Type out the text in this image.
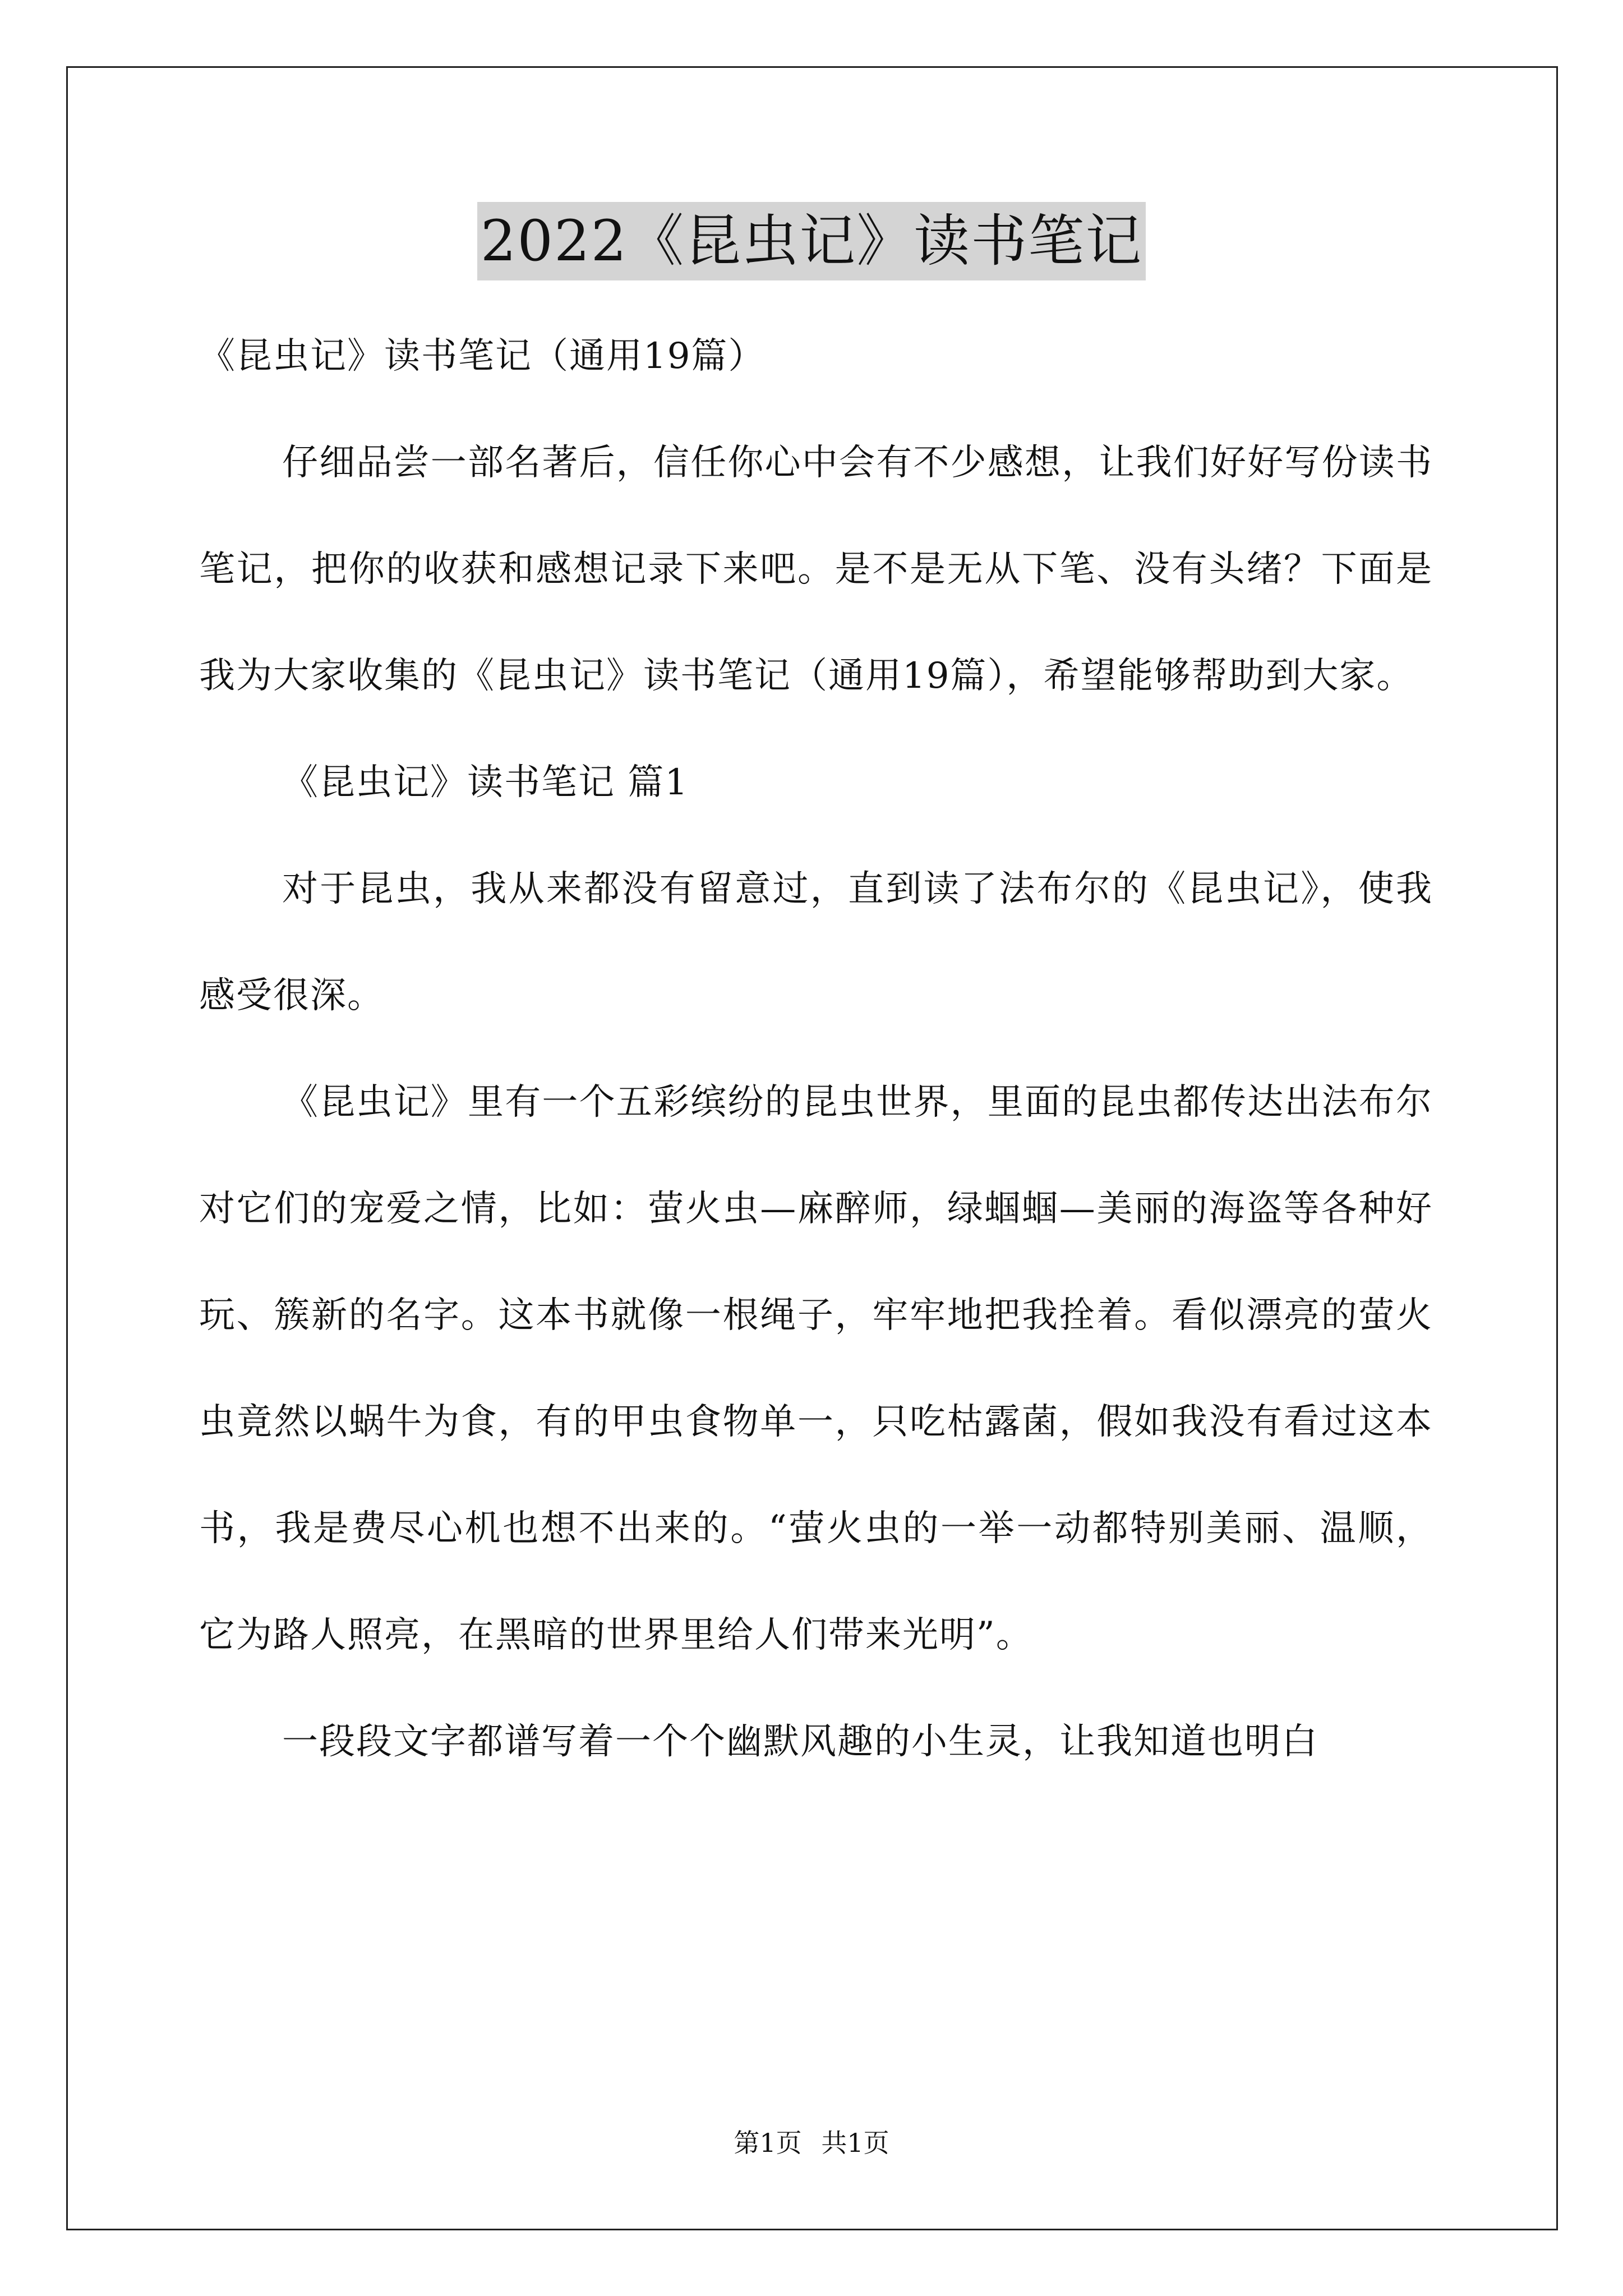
2022《昆虫记》读书笔记

《昆虫记》读书笔记（通用19篇）

仔细品尝一部名著后，信任你心中会有不少感想，让我们好好写份读书笔记，把你的收获和感想记录下来吧。是不是无从下笔、没有头绪？下面是我为大家收集的《昆虫记》读书笔记（通用19篇），希望能够帮助到大家。

《昆虫记》读书笔记 篇1

对于昆虫，我从来都没有留意过，直到读了法布尔的《昆虫记》，使我感受很深。

《昆虫记》里有一个五彩缤纷的昆虫世界，里面的昆虫都传达出法布尔对它们的宠爱之情，比如：萤火虫—麻醉师，绿蝈蝈—美丽的海盗等各种好玩、簇新的名字。这本书就像一根绳子，牢牢地把我拴着。看似漂亮的萤火虫竟然以蜗牛为食，有的甲虫食物单一，只吃枯露菌，假如我没有看过这本书，我是费尽心机也想不出来的。“萤火虫的一举一动都特别美丽、温顺，它为路人照亮，在黑暗的世界里给人们带来光明”。

一段段文字都谱写着一个个幽默风趣的小生灵，让我知道也明白

第1页 共1页
